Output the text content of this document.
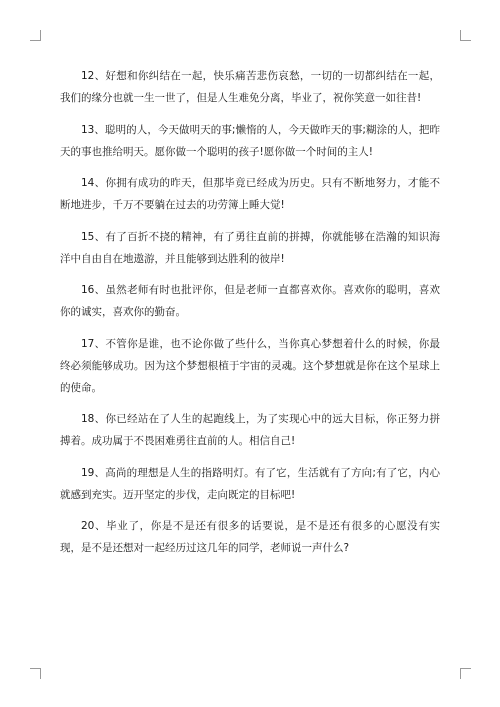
12、好想和你纠结在一起，快乐痛苦悲伤哀愁，一切的一切都纠结在一起，我们的缘分也就一生一世了，但是人生难免分离，毕业了，祝你笑意一如往昔!

13、聪明的人，今天做明天的事;懒惰的人，今天做昨天的事;糊涂的人，把昨天的事也推给明天。愿你做一个聪明的孩子!愿你做一个时间的主人!

14、你拥有成功的昨天，但那毕竟已经成为历史。只有不断地努力，才能不断地进步，千万不要躺在过去的功劳簿上睡大觉!

15、有了百折不挠的精神，有了勇往直前的拼搏，你就能够在浩瀚的知识海洋中自由自在地遨游，并且能够到达胜利的彼岸!

16、虽然老师有时也批评你，但是老师一直都喜欢你。喜欢你的聪明，喜欢你的诚实，喜欢你的勤奋。

17、不管你是谁，也不论你做了些什么，当你真心梦想着什么的时候，你最终必须能够成功。因为这个梦想根植于宇宙的灵魂。这个梦想就是你在这个星球上的使命。

18、你已经站在了人生的起跑线上，为了实现心中的远大目标，你正努力拼搏着。成功属于不畏困难勇往直前的人。相信自己!

19、高尚的理想是人生的指路明灯。有了它，生活就有了方向;有了它，内心就感到充实。迈开坚定的步伐，走向既定的目标吧!

20、毕业了，你是不是还有很多的话要说，是不是还有很多的心愿没有实现，是不是还想对一起经历过这几年的同学，老师说一声什么?
